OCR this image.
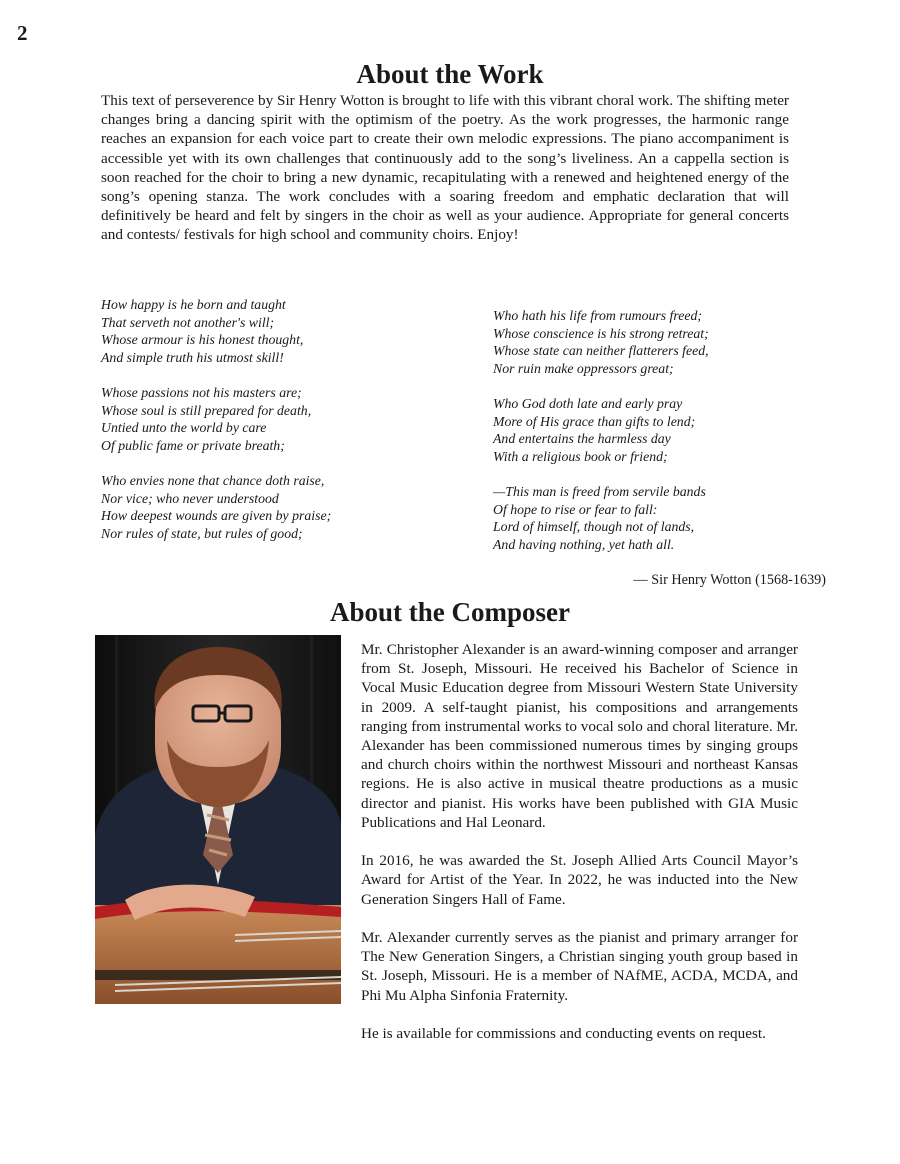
2
About the Work

This text of perseverence by Sir Henry Wotton is brought to life with this vibrant choral work. The shifting meter changes bring a dancing spirit with the optimism of the poetry. As the work progresses, the harmonic range reaches an expansion for each voice part to create their own melodic expressions. The piano accompaniment is accessible yet with its own challenges that continuously add to the song’s liveliness. An a cappella section is soon reached for the choir to bring a new dynamic, recapitulating with a renewed and heightened energy of the song’s opening stanza. The work concludes with a soaring freedom and emphatic declaration that will definitively be heard and felt by singers in the choir as well as your audience. Appropriate for general concerts and contests/ festivals for high school and community choirs. Enjoy!

How happy is he born and taught
That serveth not another's will;
Whose armour is his honest thought,
And simple truth his utmost skill!
Whose passions not his masters are;
Whose soul is still prepared for death,
Untied unto the world by care
Of public fame or private breath;
Who envies none that chance doth raise,
Nor vice; who never understood
How deepest wounds are given by praise;
Nor rules of state, but rules of good;
Who hath his life from rumours freed;
Whose conscience is his strong retreat;
Whose state can neither flatterers feed,
Nor ruin make oppressors great;
Who God doth late and early pray
More of His grace than gifts to lend;
And entertains the harmless day
With a religious book or friend;
—This man is freed from servile bands
Of hope to rise or fear to fall:
Lord of himself, though not of lands,
And having nothing, yet hath all.

— Sir Henry Wotton (1568-1639)

About the Composer

Mr. Christopher Alexander is an award-winning composer and arranger from St. Joseph, Missouri. He received his Bachelor of Science in Vocal Music Education degree from Missouri Western State University in 2009. A self-taught pianist, his compositions and arrangements ranging from instrumental works to vocal solo and choral literature. Mr. Alexander has been commissioned numerous times by singing groups and church choirs within the northwest Missouri and northeast Kansas regions. He is also active in musical theatre productions as a music director and pianist. His works have been published with GIA Music Publications and Hal Leonard.

In 2016, he was awarded the St. Joseph Allied Arts Council Mayor’s Award for Artist of the Year. In 2022, he was inducted into the New Generation Singers Hall of Fame.

Mr. Alexander currently serves as the pianist and primary arranger for The New Generation Singers, a Christian singing youth group based in St. Joseph, Missouri. He is a member of NAfME, ACDA, MCDA, and Phi Mu Alpha Sinfonia Fraternity.

He is available for commissions and conducting events on request.
